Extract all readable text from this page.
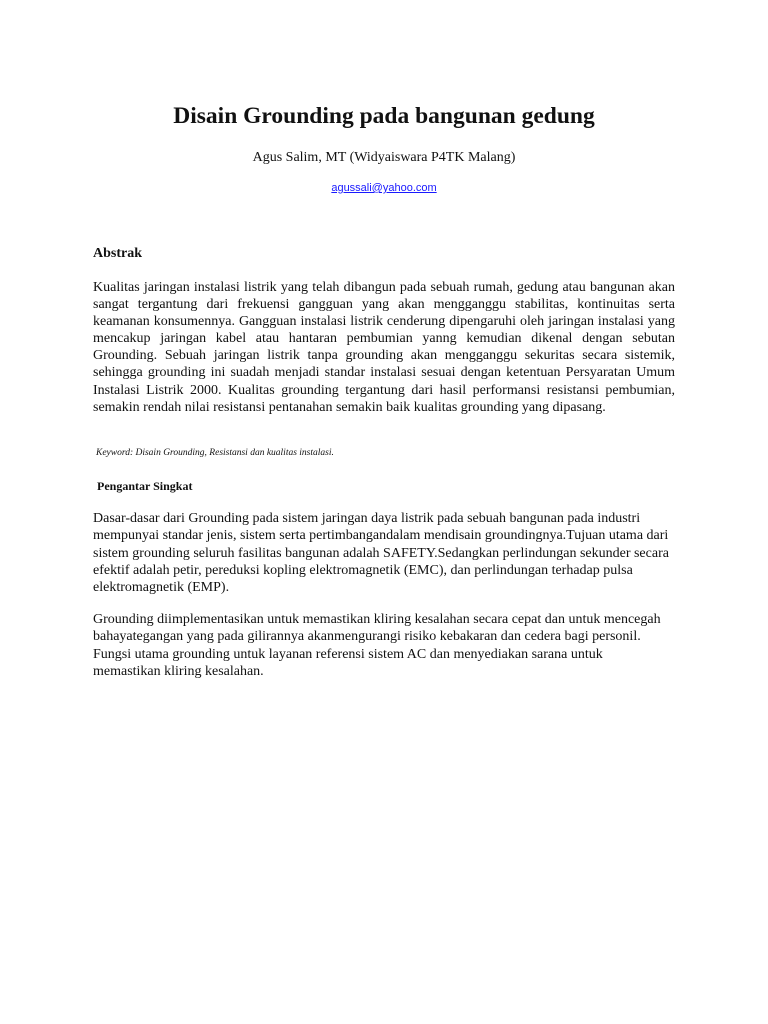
Disain Grounding pada bangunan gedung
Agus Salim, MT (Widyaiswara P4TK Malang)
agussali@yahoo.com
Abstrak

Kualitas jaringan instalasi listrik yang telah dibangun pada sebuah rumah, gedung atau bangunan akan sangat tergantung dari frekuensi gangguan yang akan mengganggu stabilitas, kontinuitas serta keamanan konsumennya. Gangguan instalasi listrik cenderung dipengaruhi oleh jaringan instalasi yang mencakup jaringan kabel atau hantaran pembumian yanng kemudian dikenal dengan sebutan Grounding. Sebuah jaringan listrik tanpa grounding akan mengganggu sekuritas secara sistemik, sehingga grounding ini suadah menjadi standar instalasi sesuai dengan ketentuan Persyaratan Umum Instalasi Listrik 2000. Kualitas grounding tergantung dari hasil performansi resistansi pembumian, semakin rendah nilai resistansi pentanahan semakin baik kualitas grounding yang dipasang.

Keyword: Disain Grounding, Resistansi dan kualitas instalasi.
Pengantar Singkat

Dasar-dasar dari Grounding pada sistem jaringan daya listrik pada sebuah bangunan pada industri mempunyai standar jenis, sistem serta pertimbangandalam mendisain groundingnya.Tujuan utama dari sistem grounding seluruh fasilitas bangunan adalah SAFETY.Sedangkan perlindungan sekunder secara efektif adalah petir, pereduksi kopling elektromagnetik (EMC), dan perlindungan terhadap pulsa elektromagnetik (EMP).

Grounding diimplementasikan untuk memastikan kliring kesalahan secara cepat dan untuk mencegah bahayategangan yang pada gilirannya akanmengurangi risiko kebakaran dan cedera bagi personil. Fungsi utama grounding untuk layanan referensi sistem AC dan menyediakan sarana untuk memastikan kliring kesalahan.
